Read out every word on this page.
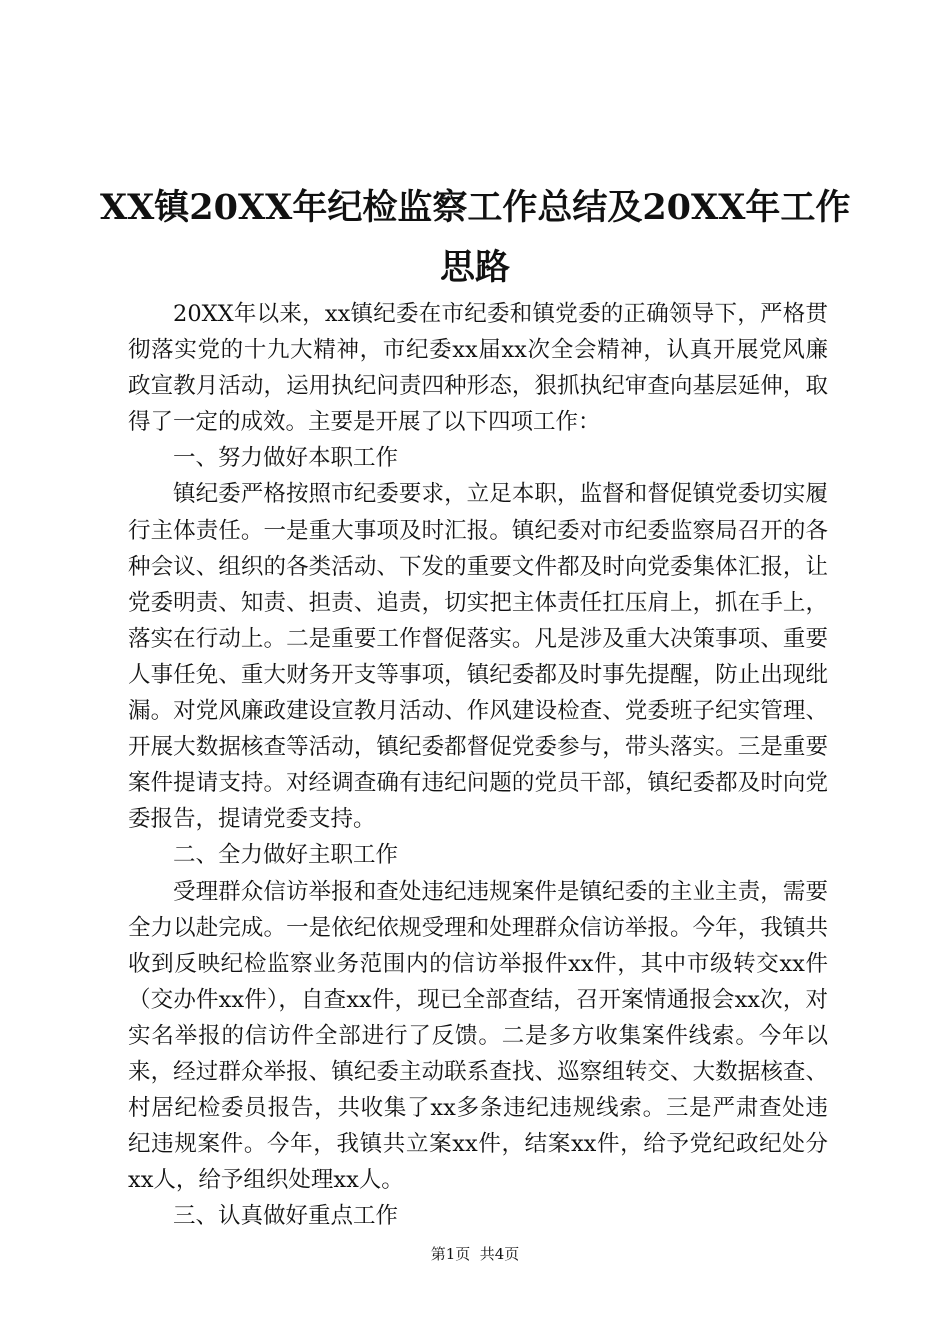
XX镇20XX年纪检监察工作总结及20XX年工作
思路

20XX年以来，xx镇纪委在市纪委和镇党委的正确领导下，严格贯彻落实党的十九大精神，市纪委xx届xx次全会精神，认真开展党风廉政宣教月活动，运用执纪问责四种形态，狠抓执纪审查向基层延伸，取得了一定的成效。主要是开展了以下四项工作：

一、努力做好本职工作

镇纪委严格按照市纪委要求，立足本职，监督和督促镇党委切实履行主体责任。一是重大事项及时汇报。镇纪委对市纪委监察局召开的各种会议、组织的各类活动、下发的重要文件都及时向党委集体汇报，让党委明责、知责、担责、追责，切实把主体责任扛压肩上，抓在手上，落实在行动上。二是重要工作督促落实。凡是涉及重大决策事项、重要人事任免、重大财务开支等事项，镇纪委都及时事先提醒，防止出现纰漏。对党风廉政建设宣教月活动、作风建设检查、党委班子纪实管理、开展大数据核查等活动，镇纪委都督促党委参与，带头落实。三是重要案件提请支持。对经调查确有违纪问题的党员干部，镇纪委都及时向党委报告，提请党委支持。

二、全力做好主职工作

受理群众信访举报和查处违纪违规案件是镇纪委的主业主责，需要全力以赴完成。一是依纪依规受理和处理群众信访举报。今年，我镇共收到反映纪检监察业务范围内的信访举报件xx件，其中市级转交xx件（交办件xx件），自查xx件，现已全部查结，召开案情通报会xx次，对实名举报的信访件全部进行了反馈。二是多方收集案件线索。今年以来，经过群众举报、镇纪委主动联系查找、巡察组转交、大数据核查、村居纪检委员报告，共收集了xx多条违纪违规线索。三是严肃查处违纪违规案件。今年，我镇共立案xx件，结案xx件，给予党纪政纪处分xx人，给予组织处理xx人。

三、认真做好重点工作

第1页  共4页
